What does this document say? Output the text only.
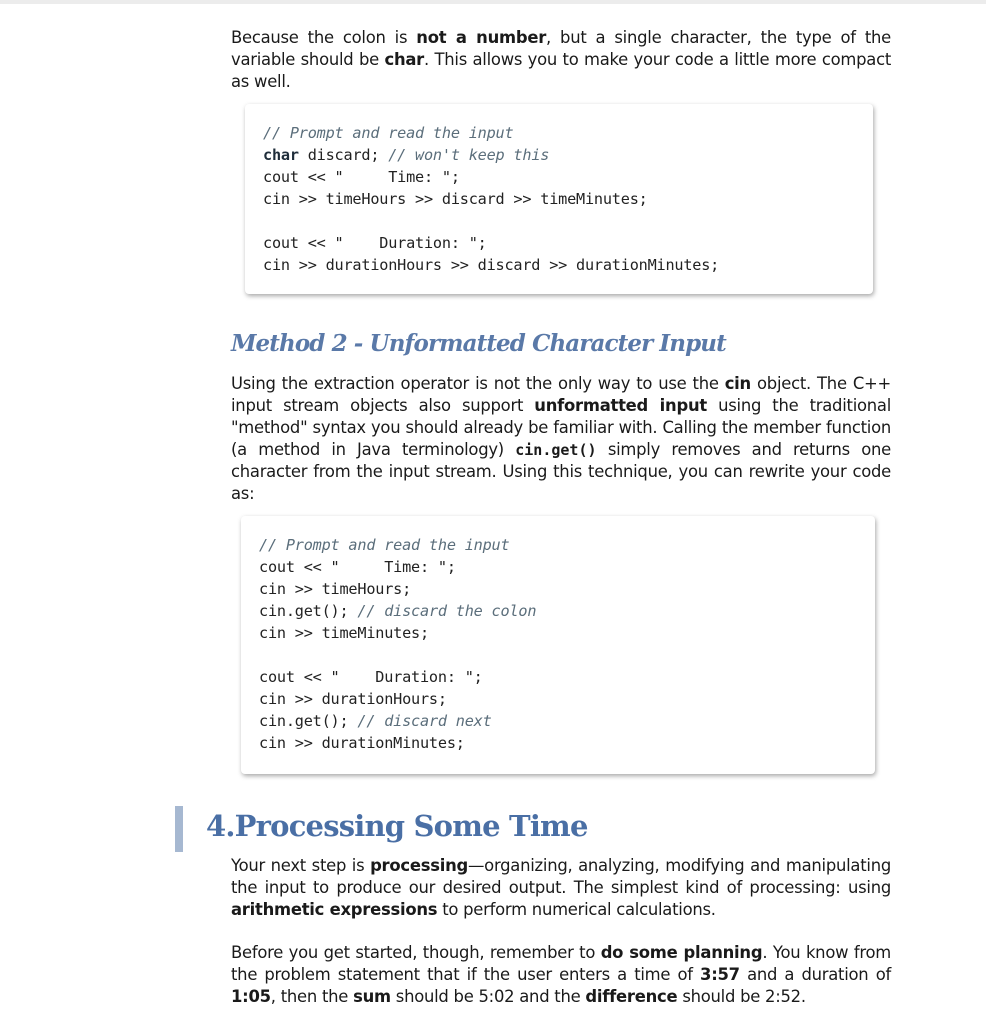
Because the colon is not a number, but a single character, the type of the variable should be char. This allows you to make your code a little more compact as well.

// Prompt and read the input
char discard; // won't keep this
cout << "     Time: ";
cin >> timeHours >> discard >> timeMinutes;
cout << "    Duration: ";
cin >> durationHours >> discard >> durationMinutes;
Method 2 - Unformatted Character Input

Using the extraction operator is not the only way to use the cin object. The C++ input stream objects also support unformatted input using the traditional "method" syntax you should already be familiar with. Calling the member function (a method in Java terminology) cin.get() simply removes and returns one character from the input stream. Using this technique, you can rewrite your code as:

// Prompt and read the input
cout << "     Time: ";
cin >> timeHours;
cin.get(); // discard the colon
cin >> timeMinutes;
cout << "    Duration: ";
cin >> durationHours;
cin.get(); // discard next
cin >> durationMinutes;
4.Processing Some Time

Your next step is processing—organizing, analyzing, modifying and manipulating the input to produce our desired output. The simplest kind of processing: using arithmetic expressions to perform numerical calculations.

Before you get started, though, remember to do some planning. You know from the problem statement that if the user enters a time of 3:57 and a duration of 1:05, then the sum should be 5:02 and the difference should be 2:52.
